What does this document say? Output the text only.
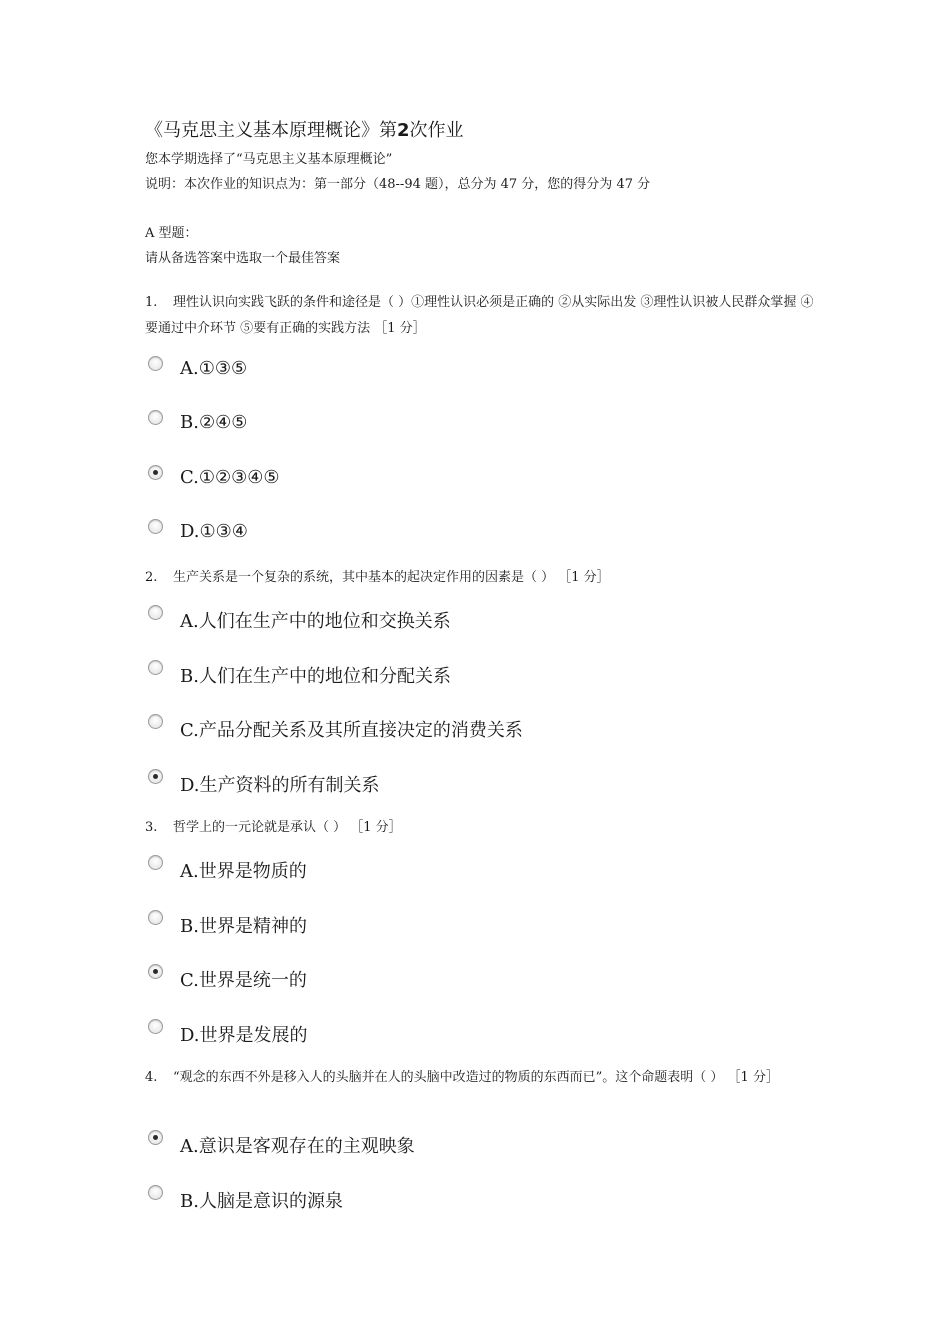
《马克思主义基本原理概论》第2次作业
您本学期选择了“马克思主义基本原理概论”
说明：本次作业的知识点为：第一部分（48--94 题），总分为 47 分，您的得分为 47 分
A 型题：
请从备选答案中选取一个最佳答案
1. 理性认识向实践飞跃的条件和途径是（ ）①理性认识必须是正确的 ②从实际出发 ③理性认识被人民群众掌握 ④要通过中介环节 ⑤要有正确的实践方法 ［1 分］
A.①③⑤
B.②④⑤
C.①②③④⑤
D.①③④
2. 生产关系是一个复杂的系统，其中基本的起决定作用的因素是（ ） ［1 分］
A.人们在生产中的地位和交换关系
B.人们在生产中的地位和分配关系
C.产品分配关系及其所直接决定的消费关系
D.生产资料的所有制关系
3. 哲学上的一元论就是承认（ ） ［1 分］
A.世界是物质的
B.世界是精神的
C.世界是统一的
D.世界是发展的
4. “观念的东西不外是移入人的头脑并在人的头脑中改造过的物质的东西而已”。这个命题表明（ ） ［1 分］
A.意识是客观存在的主观映象
B.人脑是意识的源泉
